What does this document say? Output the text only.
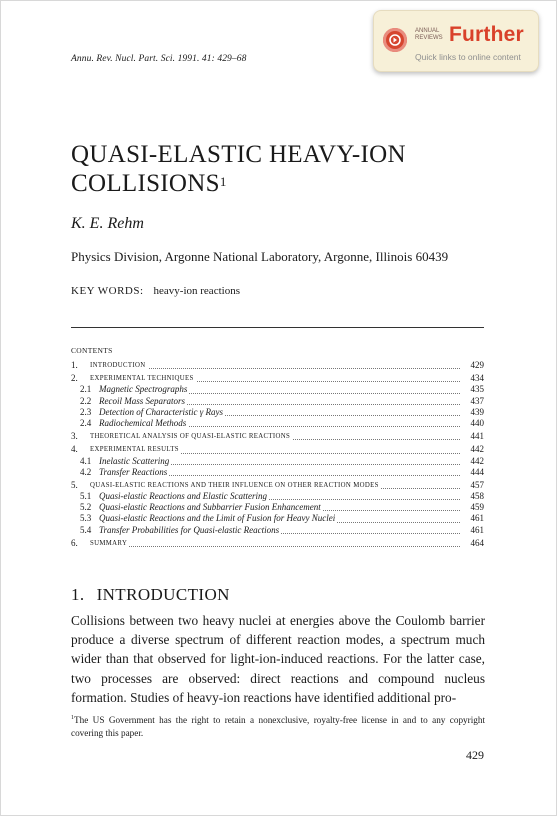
Annu. Rev. Nucl. Part. Sci. 1991. 41: 429–68
ANNUAL
REVIEWS Further
Quick links to online content
QUASI-ELASTIC HEAVY-ION COLLISIONS$^1$
K. E. Rehm
Physics Division, Argonne National Laboratory, Argonne, Illinois 60439
KEY WORDS: heavy-ion reactions
CONTENTS
1. INTRODUCTION	429
2. EXPERIMENTAL TECHNIQUES	434
2.1 Magnetic Spectrographs	435
2.2 Recoil Mass Separators	437
2.3 Detection of Characteristic γ Rays	439
2.4 Radiochemical Methods	440
3. THEORETICAL ANALYSIS OF QUASI-ELASTIC REACTIONS	441
4. EXPERIMENTAL RESULTS	442
4.1 Inelastic Scattering	442
4.2 Transfer Reactions	444
5. QUASI-ELASTIC REACTIONS AND THEIR INFLUENCE ON OTHER REACTION MODES	457
5.1 Quasi-elastic Reactions and Elastic Scattering	458
5.2 Quasi-elastic Reactions and Subbarrier Fusion Enhancement	459
5.3 Quasi-elastic Reactions and the Limit of Fusion for Heavy Nuclei	461
5.4 Transfer Probabilities for Quasi-elastic Reactions	461
6. SUMMARY	464
1. INTRODUCTION
Collisions between two heavy nuclei at energies above the Coulomb barrier produce a diverse spectrum of different reaction modes, a spectrum much wider than that observed for light-ion-induced reactions. For the latter case, two processes are observed: direct reactions and compound nucleus formation. Studies of heavy-ion reactions have identified additional pro-
$^1$The US Government has the right to retain a nonexclusive, royalty-free license in and to any copyright covering this paper.
429
